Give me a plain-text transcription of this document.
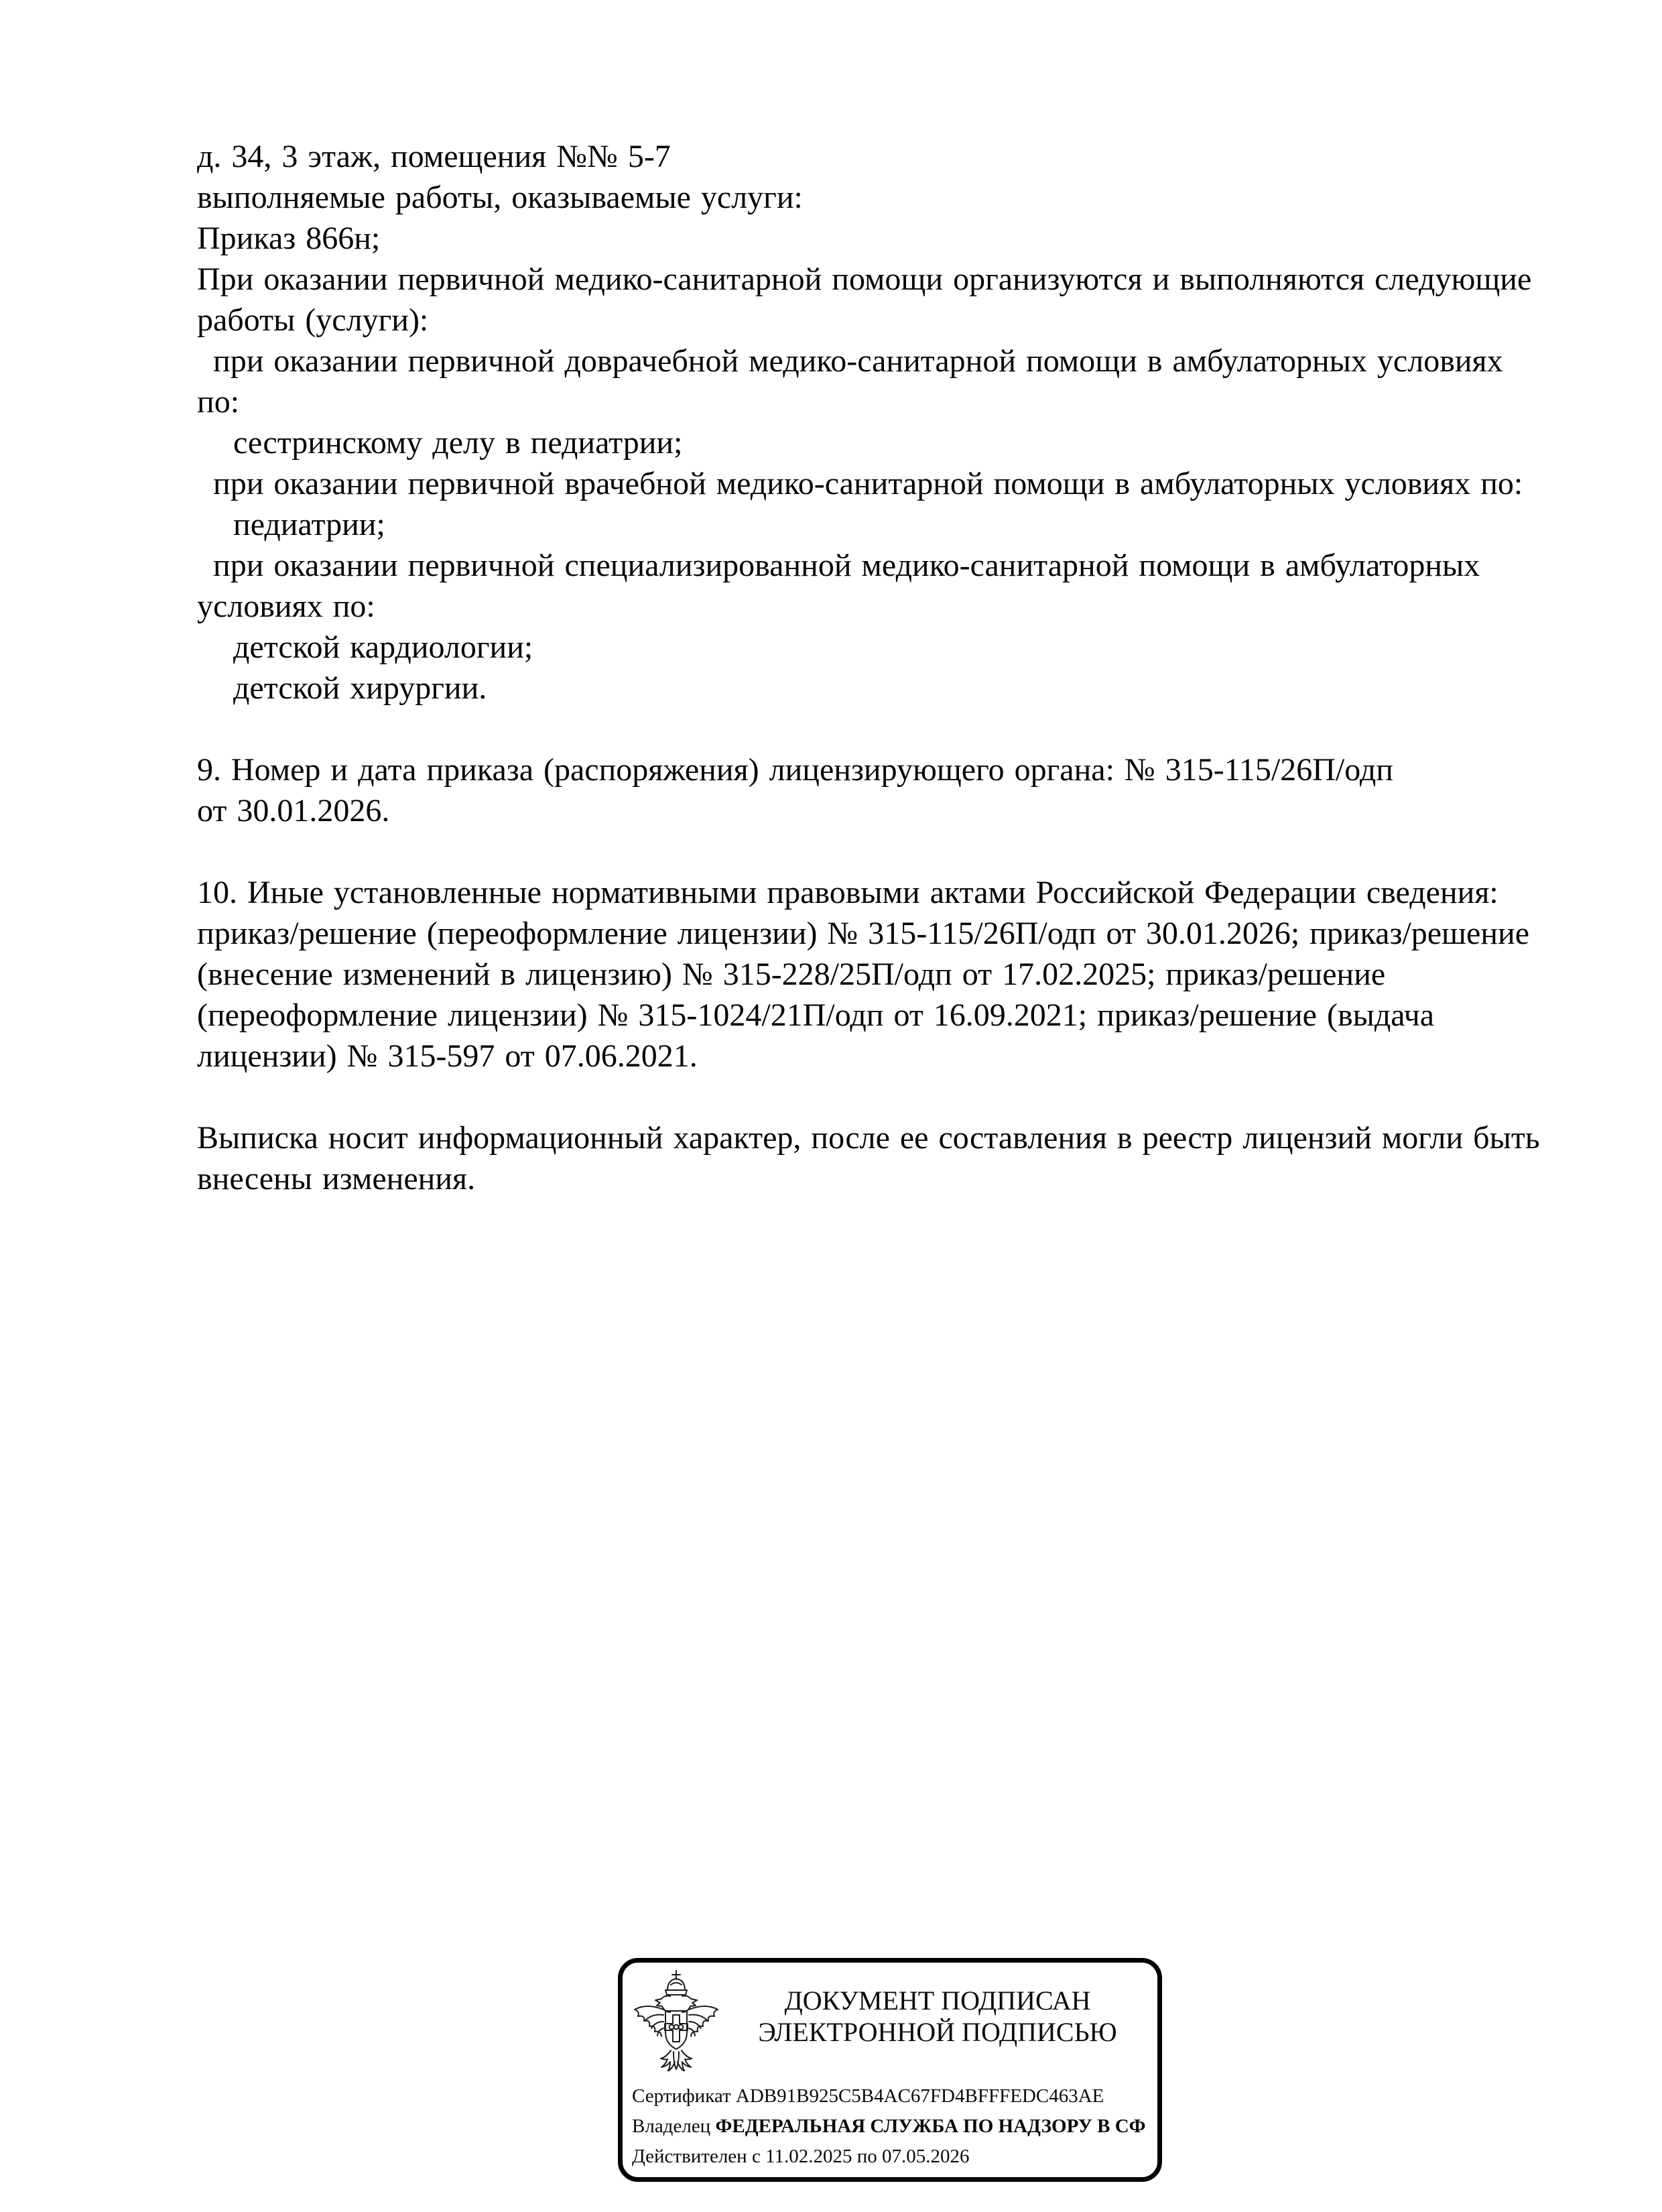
д. 34, 3 этаж, помещения №№ 5-7
выполняемые работы, оказываемые услуги:
Приказ 866н;
При оказании первичной медико-санитарной помощи организуются и выполняются следующие
работы (услуги):
при оказании первичной доврачебной медико-санитарной помощи в амбулаторных условиях
по:
сестринскому делу в педиатрии;
при оказании первичной врачебной медико-санитарной помощи в амбулаторных условиях по:
педиатрии;
при оказании первичной специализированной медико-санитарной помощи в амбулаторных
условиях по:
детской кардиологии;
детской хирургии.
9. Номер и дата приказа (распоряжения) лицензирующего органа: № 315-115/26П/одп
от 30.01.2026.
10. Иные установленные нормативными правовыми актами Российской Федерации сведения:
приказ/решение (переоформление лицензии) № 315-115/26П/одп от 30.01.2026; приказ/решение
(внесение изменений в лицензию) № 315-228/25П/одп от 17.02.2025; приказ/решение
(переоформление лицензии) № 315-1024/21П/одп от 16.09.2021; приказ/решение (выдача
лицензии) № 315-597 от 07.06.2021.
Выписка носит информационный характер, после ее составления в реестр лицензий могли быть
внесены изменения.
ДОКУМЕНТ ПОДПИСАН
ЭЛЕКТРОННОЙ ПОДПИСЬЮ
Сертификат ADB91B925C5B4AC67FD4BFFFEDC463AE
Владелец ФЕДЕРАЛЬНАЯ СЛУЖБА ПО НАДЗОРУ В СФ
Действителен с 11.02.2025 по 07.05.2026
